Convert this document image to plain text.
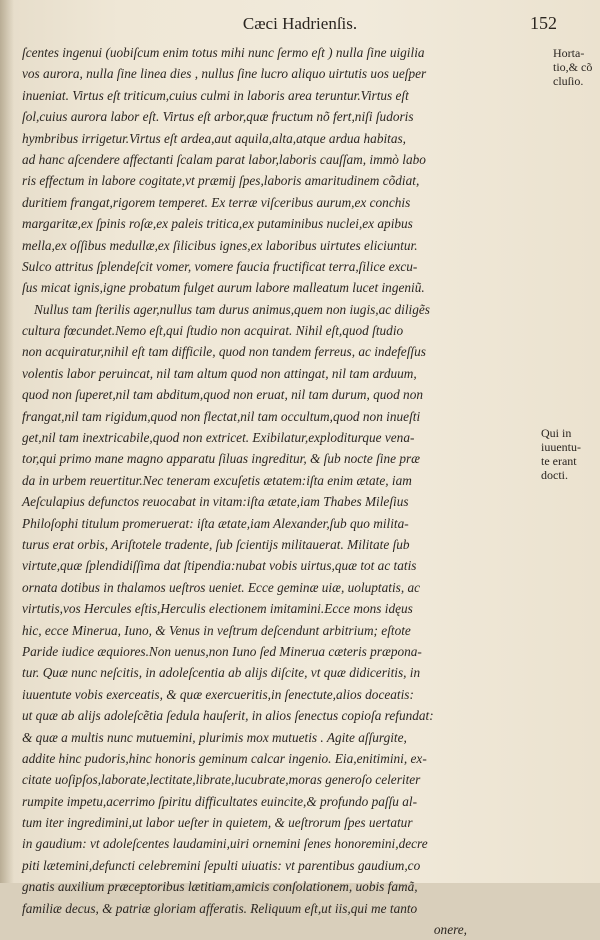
Cæci Hadrienſis.	152
ſcentes ingenui (uobiſcum enim totus mihi nunc ſermo eſt ) nulla ſine uigilia
vos aurora, nulla ſine linea dies , nullus ſine lucro aliquo uirtutis uos ueſper
inueniat. Virtus eſt triticum,cuius culmi in laboris area teruntur.Virtus eſt
ſol,cuius aurora labor eſt. Virtus eſt arbor,quæ fructum nõ fert,niſi ſudoris
hymbribus irrigetur.Virtus eſt ardea,aut aquila,alta,atque ardua habitas,
ad hanc aſcendere affectanti ſcalam parat labor,laboris cauſſam, immò labo
ris effectum in labore cogitate,vt præmij ſpes,laboris amaritudinem cõdiat,
duritiem frangat,rigorem temperet. Ex terræ viſceribus aurum,ex conchis
margaritæ,ex ſpinis roſæ,ex paleis tritica,ex putaminibus nuclei,ex apibus
mella,ex oſſibus medullæ,ex ſilicibus ignes,ex laboribus uirtutes eliciuntur.
Sulco attritus ſplendeſcit vomer, vomere faucia fructificat terra,ſilice excu-
ſus micat ignis,igne probatum fulget aurum labore malleatum lucet ingeniũ.
Nullus tam ſterilis ager,nullus tam durus animus,quem non iugis,ac diligẽs
cultura fœcundet.Nemo eſt,qui ſtudio non acquirat. Nihil eſt,quod ſtudio
non acquiratur,nihil eſt tam difficile, quod non tandem ferreus, ac indefeſſus
volentis labor peruincat, nil tam altum quod non attingat, nil tam arduum,
quod non ſuperet,nil tam abditum,quod non eruat, nil tam durum, quod non
frangat,nil tam rigidum,quod non flectat,nil tam occultum,quod non inueſti
get,nil tam inextricabile,quod non extricet. Exibilatur,exploditurque vena-
tor,qui primo mane magno apparatu ſiluas ingreditur, & ſub nocte ſine præ
da in urbem reuertitur.Nec teneram excuſetis ætatem:iſta enim ætate, iam
Aeſculapius defunctos reuocabat in vitam:iſta ætate,iam Thabes Mileſius
Philoſophi titulum promeruerat: iſta ætate,iam Alexander,ſub quo milita-
turus erat orbis, Ariſtotele tradente, ſub ſcientijs militauerat. Militate ſub
virtute,quæ ſplendidiſſima dat ſtipendia:nubat vobis uirtus,quæ tot ac tatis
ornata dotibus in thalamos ueſtros ueniet. Ecce geminæ uiæ, uoluptatis, ac
virtutis,vos Hercules eſtis,Herculis electionem imitamini.Ecce mons idęus
hic, ecce Minerua, Iuno, & Venus in veſtrum deſcendunt arbitrium; eſtote
Paride iudice æquiores.Non uenus,non Iuno ſed Minerua cæteris præpona-
tur. Quæ nunc neſcitis, in adoleſcentia ab alijs diſcite, vt quæ didiceritis, in
iuuentute vobis exerceatis, & quæ exercueritis,in ſenectute,alios doceatis:
ut quæ ab alijs adoleſcẽtia ſedula hauſerit, in alios ſenectus copioſa refundat:
& quæ a multis nunc mutuemini, plurimis mox mutuetis . Agite aſſurgite,
addite hinc pudoris,hinc honoris geminum calcar ingenio. Eia,enitimini, ex-
citate uoſipſos,laborate,lectitate,librate,lucubrate,moras generoſo celeriter
rumpite impetu,acerrimo ſpiritu difficultates euincite,& profundo paſſu al-
tum iter ingredimini,ut labor ueſter in quietem, & ueſtrorum ſpes uertatur
in gaudium: vt adoleſcentes laudamini,uiri ornemini ſenes honoremini,decre
piti lætemini,defuncti celebremini ſepulti uiuatis: vt parentibus gaudium,co
gnatis auxilium præceptoribus lætitiam,amicis conſolationem, uobis famã,
familiæ decus, & patriæ gloriam afferatis. Reliquum eſt,ut iis,qui me tanto
onere,
Horta-
tio,& cõ
cluſio.
Qui in
iuuentu-
te erant
docti.
